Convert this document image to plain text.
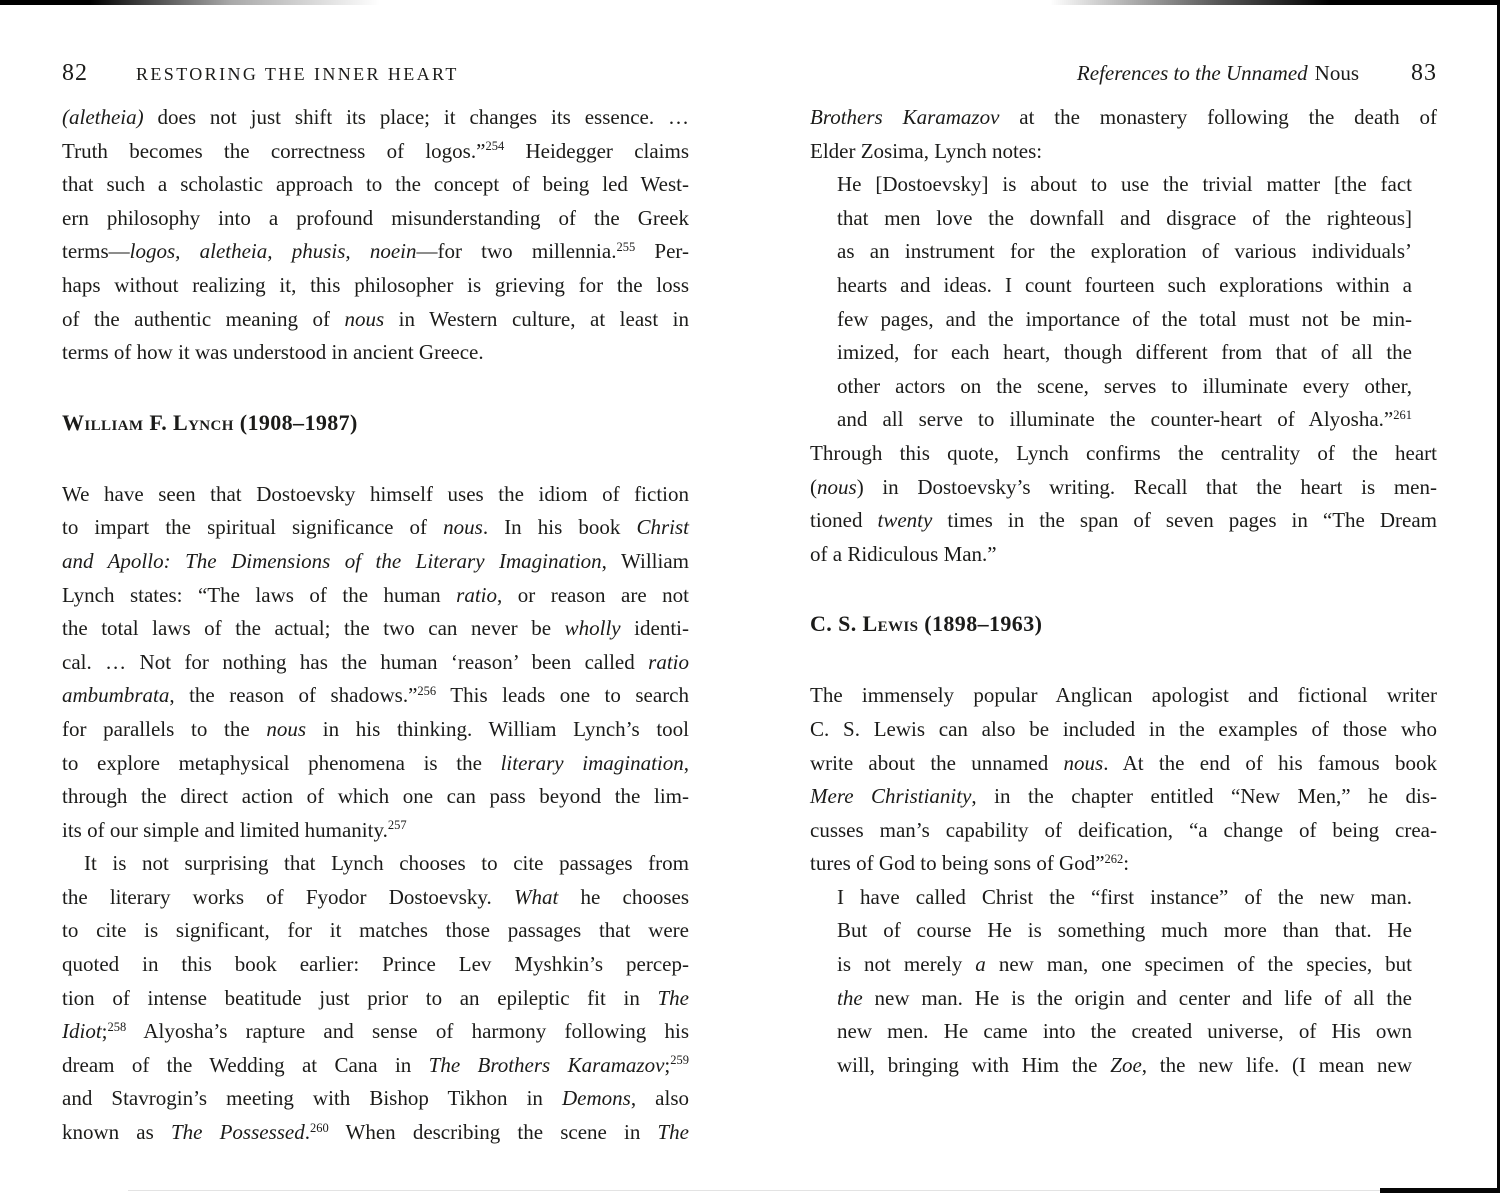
82	RESTORING THE INNER HEART
(aletheia) does not just shift its place; it changes its essence. …
Truth becomes the correctness of logos.”$^{254}$ Heidegger claims
that such a scholastic approach to the concept of being led West-
ern philosophy into a profound misunderstanding of the Greek
terms—logos, aletheia, phusis, noein—for two millennia.$^{255}$ Per-
haps without realizing it, this philosopher is grieving for the loss
of the authentic meaning of nous in Western culture, at least in
terms of how it was understood in ancient Greece.
William F. Lynch (1908–1987)
We have seen that Dostoevsky himself uses the idiom of fiction
to impart the spiritual significance of nous. In his book Christ
and Apollo: The Dimensions of the Literary Imagination, William
Lynch states: “The laws of the human ratio, or reason are not
the total laws of the actual; the two can never be wholly identi-
cal. … Not for nothing has the human ‘reason’ been called ratio
ambumbrata, the reason of shadows.”$^{256}$ This leads one to search
for parallels to the nous in his thinking. William Lynch’s tool
to explore metaphysical phenomena is the literary imagination,
through the direct action of which one can pass beyond the lim-
its of our simple and limited humanity.$^{257}$
It is not surprising that Lynch chooses to cite passages from
the literary works of Fyodor Dostoevsky. What he chooses
to cite is significant, for it matches those passages that were
quoted in this book earlier: Prince Lev Myshkin’s percep-
tion of intense beatitude just prior to an epileptic fit in The
Idiot;$^{258}$ Alyosha’s rapture and sense of harmony following his
dream of the Wedding at Cana in The Brothers Karamazov;$^{259}$
and Stavrogin’s meeting with Bishop Tikhon in Demons, also
known as The Possessed.$^{260}$ When describing the scene in The
References to the Unnamed Nous 83
Brothers Karamazov at the monastery following the death of
Elder Zosima, Lynch notes:
He [Dostoevsky] is about to use the trivial matter [the fact
that men love the downfall and disgrace of the righteous]
as an instrument for the exploration of various individuals’
hearts and ideas. I count fourteen such explorations within a
few pages, and the importance of the total must not be min-
imized, for each heart, though different from that of all the
other actors on the scene, serves to illuminate every other,
and all serve to illuminate the counter-heart of Alyosha.”$^{261}$
Through this quote, Lynch confirms the centrality of the heart
(nous) in Dostoevsky’s writing. Recall that the heart is men-
tioned twenty times in the span of seven pages in “The Dream
of a Ridiculous Man.”
C. S. Lewis (1898–1963)
The immensely popular Anglican apologist and fictional writer
C. S. Lewis can also be included in the examples of those who
write about the unnamed nous. At the end of his famous book
Mere Christianity, in the chapter entitled “New Men,” he dis-
cusses man’s capability of deification, “a change of being crea-
tures of God to being sons of God”$^{262}$:
I have called Christ the “first instance” of the new man.
But of course He is something much more than that. He
is not merely a new man, one specimen of the species, but
the new man. He is the origin and center and life of all the
new men. He came into the created universe, of His own
will, bringing with Him the Zoe, the new life. (I mean new
